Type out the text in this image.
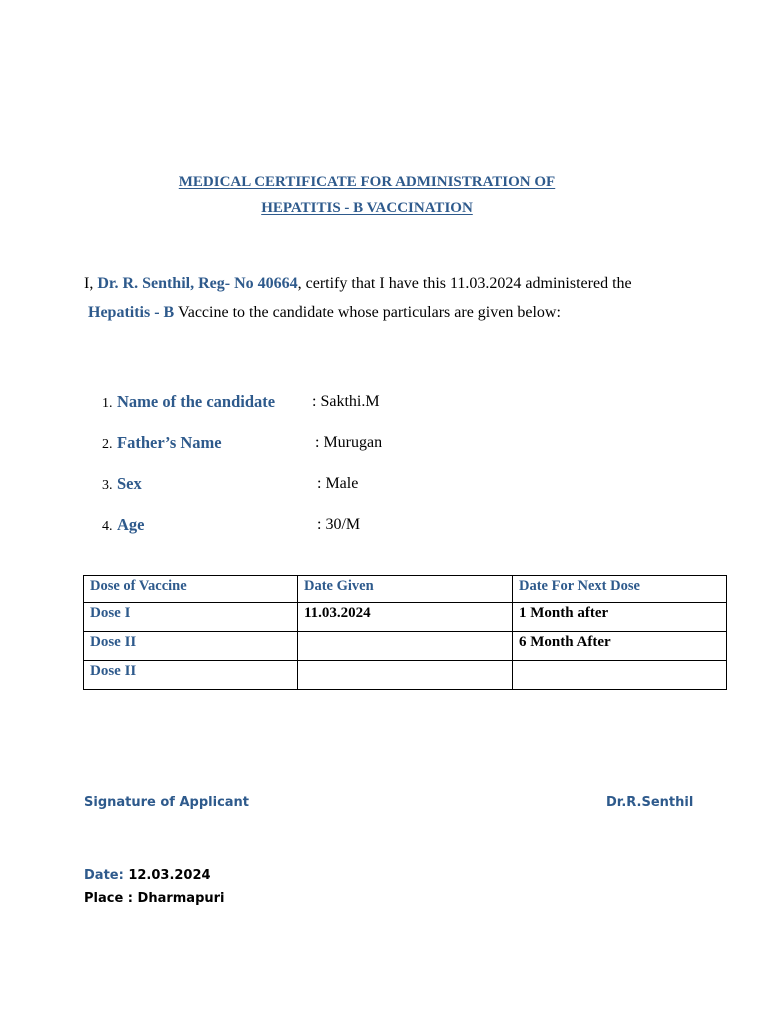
MEDICAL CERTIFICATE FOR ADMINISTRATION OF
HEPATITIS - B VACCINATION
I, Dr. R. Senthil, Reg- No 40664, certify that I have this 11.03.2024 administered the
Hepatitis - B Vaccine to the candidate whose particulars are given below:
1. Name of the candidate : Sakthi.M
2. Father’s Name	: Murugan
3. Sex	: Male
4. Age	: 30/M
Dose of Vaccine	Date Given	Date For Next Dose
Dose I	11.03.2024	1 Month after
Dose II		6 Month After
Dose II		
Signature of Applicant	Dr.R.Senthil
Date: 12.03.2024
Place : Dharmapuri
